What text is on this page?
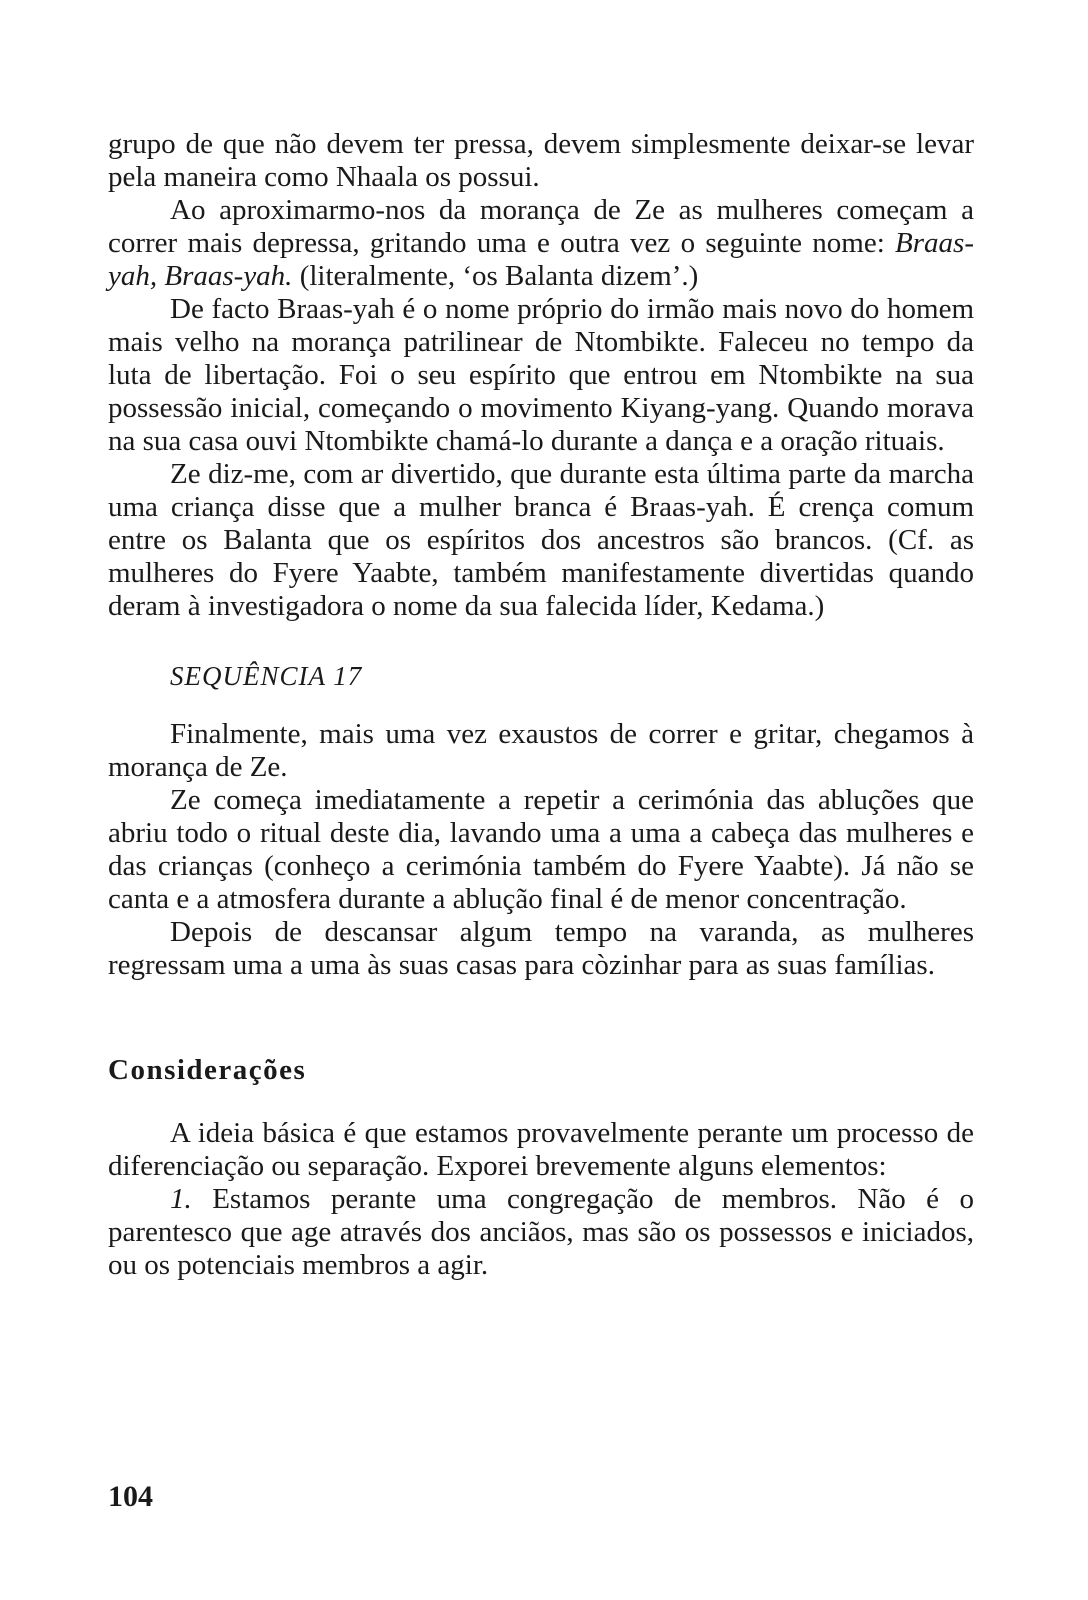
grupo de que não devem ter pressa, devem simplesmente deixar-se levar pela maneira como Nhaala os possui.

Ao aproximarmo-nos da morança de Ze as mulheres começam a correr mais depressa, gritando uma e outra vez o seguinte nome: Braas-yah, Braas-yah. (literalmente, ‘os Balanta dizem’.)

De facto Braas-yah é o nome próprio do irmão mais novo do homem mais velho na morança patrilinear de Ntombikte. Faleceu no tempo da luta de libertação. Foi o seu espírito que entrou em Ntombikte na sua possessão inicial, começando o movimento Kiyang-yang. Quando morava na sua casa ouvi Ntombikte chamá-lo durante a dança e a oração rituais.

Ze diz-me, com ar divertido, que durante esta última parte da marcha uma criança disse que a mulher branca é Braas-yah. É crença comum entre os Balanta que os espíritos dos ancestros são brancos. (Cf. as mulheres do Fyere Yaabte, também manifestamente divertidas quando deram à investigadora o nome da sua falecida líder, Kedama.)

SEQUÊNCIA 17

Finalmente, mais uma vez exaustos de correr e gritar, chegamos à morança de Ze.

Ze começa imediatamente a repetir a cerimónia das abluções que abriu todo o ritual deste dia, lavando uma a uma a cabeça das mulheres e das crianças (conheço a cerimónia também do Fyere Yaabte). Já não se canta e a atmosfera durante a ablução final é de menor concentração.

Depois de descansar algum tempo na varanda, as mulheres regressam uma a uma às suas casas para còzinhar para as suas famílias.

Considerações

A ideia básica é que estamos provavelmente perante um processo de diferenciação ou separação. Exporei brevemente alguns elementos:

1. Estamos perante uma congregação de membros. Não é o parentesco que age através dos anciãos, mas são os possessos e iniciados, ou os potenciais membros a agir.

104
